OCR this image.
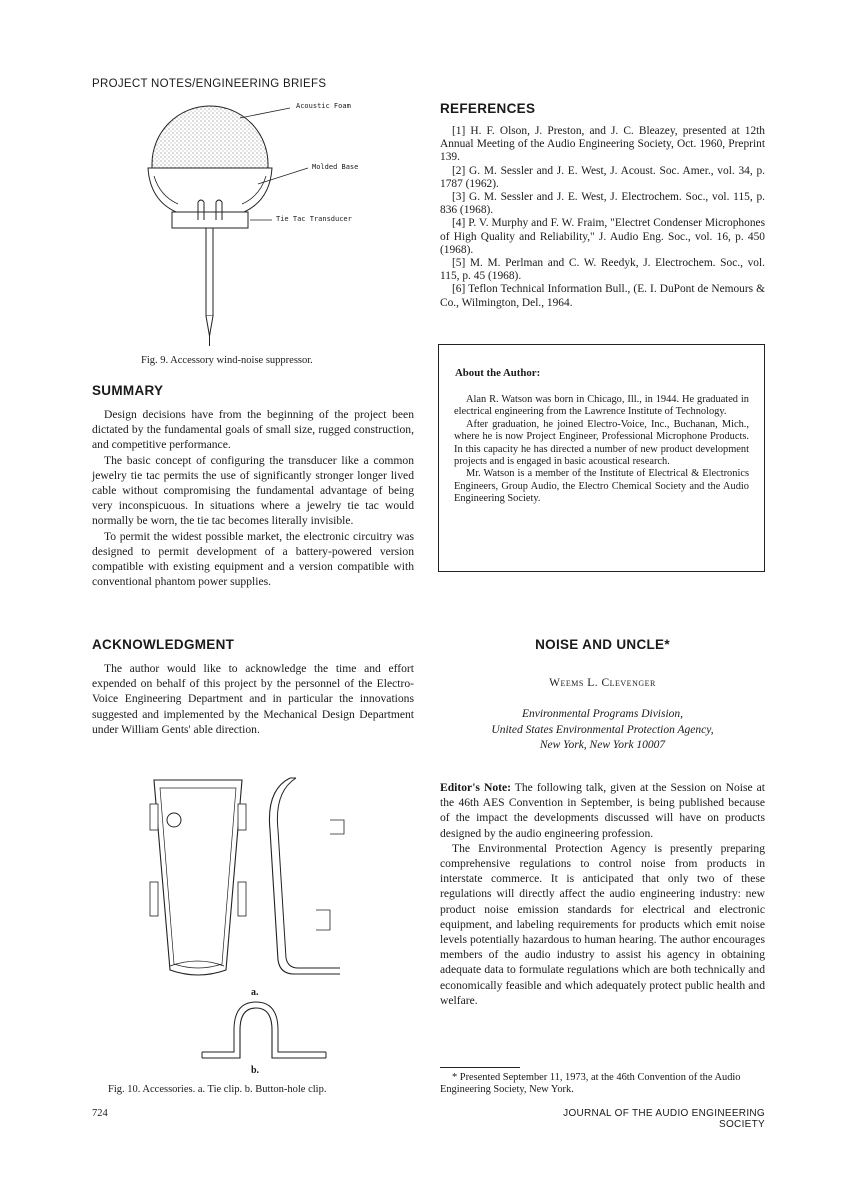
PROJECT NOTES/ENGINEERING BRIEFS
Acoustic Foam
Molded Base
Tie Tac Transducer
Fig. 9. Accessory wind-noise suppressor.
SUMMARY

Design decisions have from the beginning of the project been dictated by the fundamental goals of small size, rugged construction, and competitive performance.

The basic concept of configuring the transducer like a common jewelry tie tac permits the use of significantly stronger longer lived cable without compromising the fundamental advantage of being very inconspicuous. In situations where a jewelry tie tac would normally be worn, the tie tac becomes literally invisible.

To permit the widest possible market, the electronic circuitry was designed to permit development of a battery-powered version compatible with existing equipment and a version compatible with conventional phantom power supplies.

ACKNOWLEDGMENT

The author would like to acknowledge the time and effort expended on behalf of this project by the personnel of the Electro-Voice Engineering Department and in particular the innovations suggested and implemented by the Mechanical Design Department under William Gents' able direction.

a.
b.
Fig. 10. Accessories. a. Tie clip. b. Button-hole clip.
REFERENCES

[1] H. F. Olson, J. Preston, and J. C. Bleazey, presented at 12th Annual Meeting of the Audio Engineering Society, Oct. 1960, Preprint 139.

[2] G. M. Sessler and J. E. West, J. Acoust. Soc. Amer., vol. 34, p. 1787 (1962).

[3] G. M. Sessler and J. E. West, J. Electrochem. Soc., vol. 115, p. 836 (1968).

[4] P. V. Murphy and F. W. Fraim, "Electret Condenser Microphones of High Quality and Reliability," J. Audio Eng. Soc., vol. 16, p. 450 (1968).

[5] M. M. Perlman and C. W. Reedyk, J. Electrochem. Soc., vol. 115, p. 45 (1968).

[6] Teflon Technical Information Bull., (E. I. DuPont de Nemours & Co., Wilmington, Del., 1964.

About the Author:

Alan R. Watson was born in Chicago, Ill., in 1944. He graduated in electrical engineering from the Lawrence Institute of Technology.

After graduation, he joined Electro-Voice, Inc., Buchanan, Mich., where he is now Project Engineer, Professional Microphone Products. In this capacity he has directed a number of new product development projects and is engaged in basic acoustical research.

Mr. Watson is a member of the Institute of Electrical & Electronics Engineers, Group Audio, the Electro Chemical Society and the Audio Engineering Society.

NOISE AND UNCLE*
Weems L. Clevenger
Environmental Programs Division,
United States Environmental Protection Agency,
New York, New York 10007

Editor's Note: The following talk, given at the Session on Noise at the 46th AES Convention in September, is being published because of the impact the developments discussed will have on products designed by the audio engineering profession.

The Environmental Protection Agency is presently preparing comprehensive regulations to control noise from products in interstate commerce. It is anticipated that only two of these regulations will directly affect the audio engineering industry: new product noise emission standards for electrical and electronic equipment, and labeling requirements for products which emit noise levels potentially hazardous to human hearing. The author encourages members of the audio industry to assist his agency in obtaining adequate data to formulate regulations which are both technically and economically feasible and which adequately protect public health and welfare.

* Presented September 11, 1973, at the 46th Convention of the Audio Engineering Society, New York.
724	JOURNAL OF THE AUDIO ENGINEERING SOCIETY
